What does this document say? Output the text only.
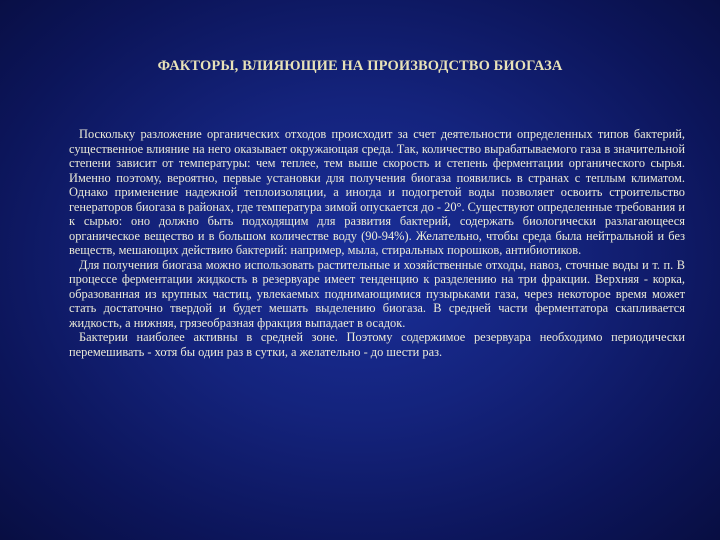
ФАКТОРЫ, ВЛИЯЮЩИЕ НА ПРОИЗВОДСТВО БИОГАЗА

Поскольку разложение органических отходов происходит за счет деятельности определенных типов бактерий, существенное влияние на него оказывает окружающая среда. Так, количество вырабатываемого газа в значительной степени зависит от температуры: чем теплее, тем выше скорость и степень ферментации органического сырья. Именно поэтому, вероятно, первые установки для получения биогаза появились в странах с теплым климатом. Однако применение надежной теплоизоляции, а иногда и подогретой воды позволяет освоить строительство генераторов биогаза в районах, где температура зимой опускается до - 20°. Существуют определенные требования и к сырью: оно должно быть подходящим для развития бактерий, содержать биологически разлагающееся органическое вещество и в большом количестве воду (90-94%). Желательно, чтобы среда была нейтральной и без веществ, мешающих действию бактерий: например, мыла, стиральных порошков, антибиотиков.

Для получения биогаза можно использовать растительные и хозяйственные отходы, навоз, сточные воды и т. п. В процессе ферментации жидкость в резервуаре имеет тенденцию к разделению на три фракции. Верхняя - корка, образованная из крупных частиц, увлекаемых поднимающимися пузырьками газа, через некоторое время может стать достаточно твердой и будет мешать выделению биогаза. В средней части ферментатора скапливается жидкость, а нижняя, грязеобразная фракция выпадает в осадок.

Бактерии наиболее активны в средней зоне. Поэтому содержимое резервуара необходимо периодически перемешивать - хотя бы один раз в сутки, а желательно - до шести раз.
